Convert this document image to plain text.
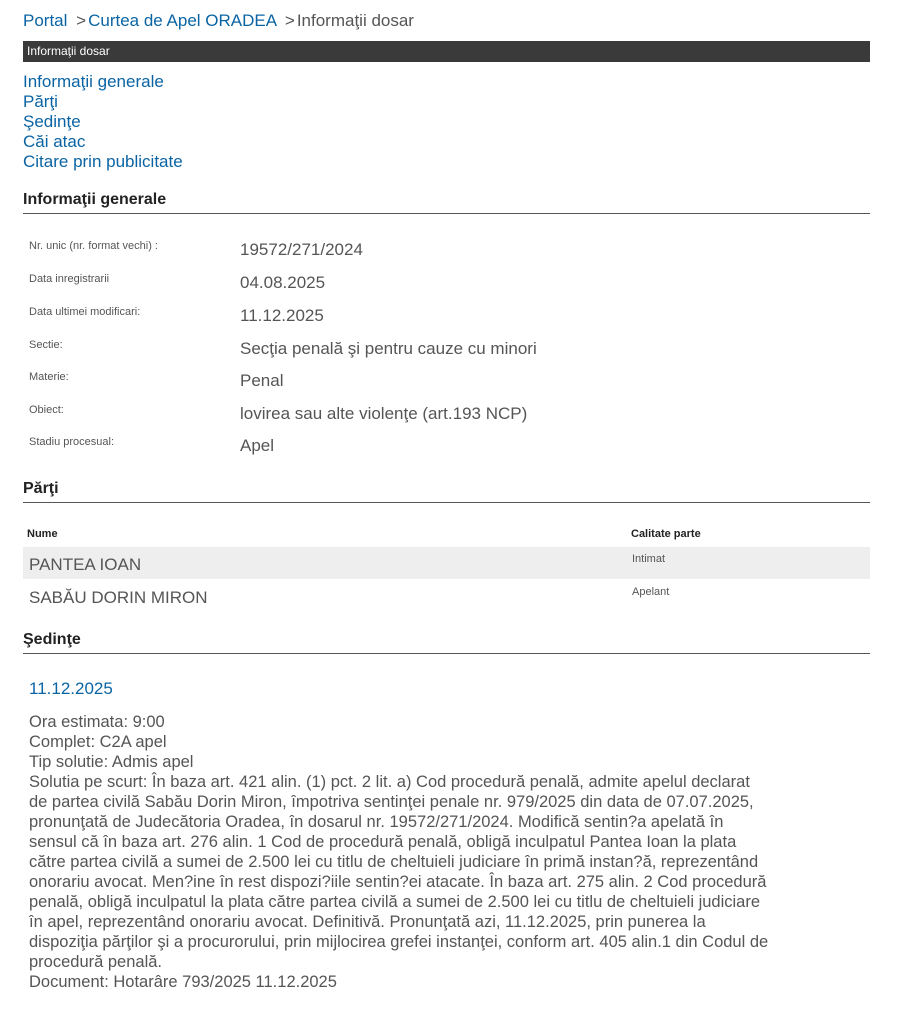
Portal > Curtea de Apel ORADEA > Informaţii dosar
Informaţii dosar
Informaţii generale
Părţi
Şedinţe
Căi atac
Citare prin publicitate
Informaţii generale
Nr. unic (nr. format vechi) :	19572/271/2024
Data inregistrarii	04.08.2025
Data ultimei modificari:	11.12.2025
Sectie:	Secţia penală şi pentru cauze cu minori
Materie:	Penal
Obiect:	lovirea sau alte violenţe (art.193 NCP)
Stadiu procesual:	Apel
Părţi
Nume	Calitate parte
PANTEA IOAN	Intimat
SABĂU DORIN MIRON	Apelant
Şedinţe
11.12.2025

Ora estimata: 9:00

Complet: C2A apel

Tip solutie: Admis apel

Solutia pe scurt: În baza art. 421 alin. (1) pct. 2 lit. a) Cod procedură penală, admite apelul declarat

de partea civilă Sabău Dorin Miron, împotriva sentinţei penale nr. 979/2025 din data de 07.07.2025,

pronunţată de Judecătoria Oradea, în dosarul nr. 19572/271/2024. Modifică sentin?a apelată în

sensul că în baza art. 276 alin. 1 Cod de procedură penală, obligă inculpatul Pantea Ioan la plata

către partea civilă a sumei de 2.500 lei cu titlu de cheltuieli judiciare în primă instan?ă, reprezentând

onorariu avocat. Men?ine în rest dispozi?iile sentin?ei atacate. În baza art. 275 alin. 2 Cod procedură

penală, obligă inculpatul la plata către partea civilă a sumei de 2.500 lei cu titlu de cheltuieli judiciare

în apel, reprezentând onorariu avocat. Definitivă. Pronunţată azi, 11.12.2025, prin punerea la

dispoziţia părţilor şi a procurorului, prin mijlocirea grefei instanţei, conform art. 405 alin.1 din Codul de

procedură penală.

Document: Hotarâre 793/2025 11.12.2025
